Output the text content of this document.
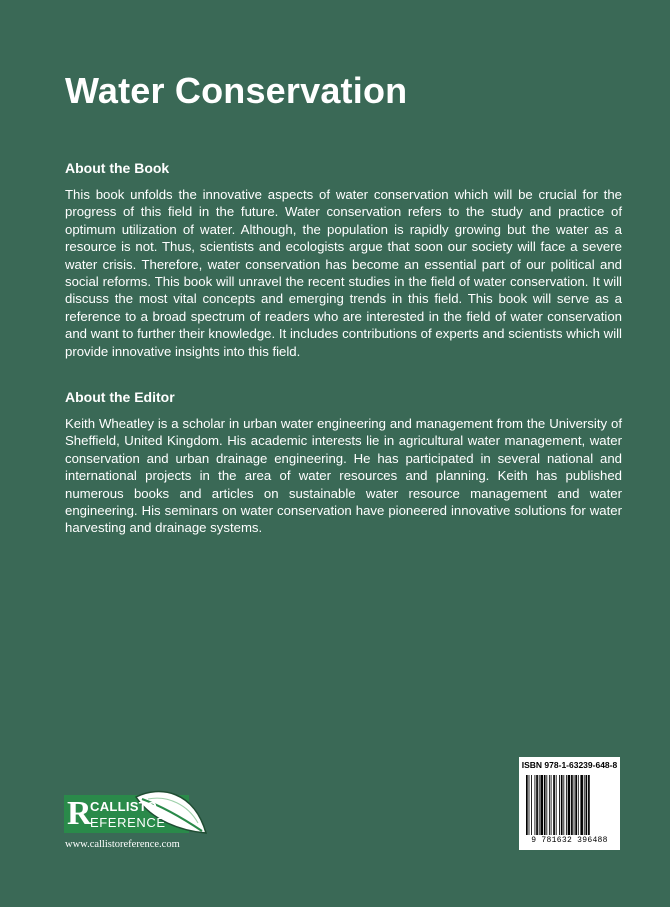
Water Conservation
About the Book
This book unfolds the innovative aspects of water conservation which will be crucial for the progress of this field in the future. Water conservation refers to the study and practice of optimum utilization of water. Although, the population is rapidly growing but the water as a resource is not. Thus, scientists and ecologists argue that soon our society will face a severe water crisis. Therefore, water conservation has become an essential part of our political and social reforms. This book will unravel the recent studies in the field of water conservation. It will discuss the most vital concepts and emerging trends in this field. This book will serve as a reference to a broad spectrum of readers who are interested in the field of water conservation and want to further their knowledge. It includes contributions of experts and scientists which will provide innovative insights into this field.
About the Editor
Keith Wheatley is a scholar in urban water engineering and management from the University of Sheffield, United Kingdom. His academic interests lie in agricultural water management, water conservation and urban drainage engineering. He has participated in several national and international projects in the area of water resources and planning. Keith has published numerous books and articles on sustainable water resource management and water engineering. His seminars on water conservation have pioneered innovative solutions for water harvesting and drainage systems.
R
CALLISTO
EFERENCE
www.callistoreference.com
ISBN 978-1-63239-648-8
9 781632 396488
